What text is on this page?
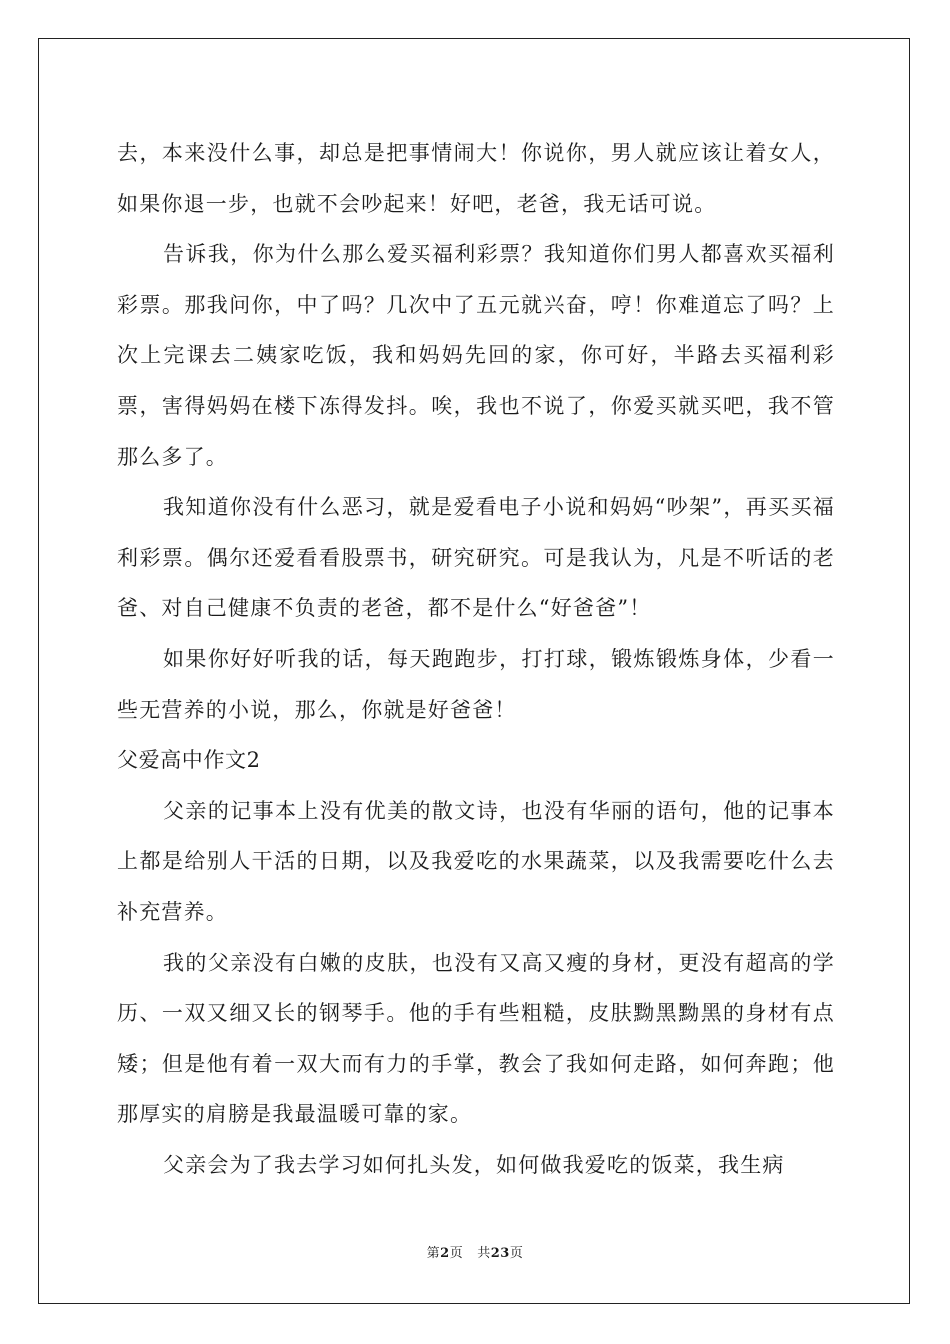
去，本来没什么事，却总是把事情闹大！你说你，男人就应该让着女人，如果你退一步，也就不会吵起来！好吧，老爸，我无话可说。

告诉我，你为什么那么爱买福利彩票？我知道你们男人都喜欢买福利彩票。那我问你，中了吗？几次中了五元就兴奋，哼！你难道忘了吗？上次上完课去二姨家吃饭，我和妈妈先回的家，你可好，半路去买福利彩票，害得妈妈在楼下冻得发抖。唉，我也不说了，你爱买就买吧，我不管那么多了。

我知道你没有什么恶习，就是爱看电子小说和妈妈“吵架”，再买买福利彩票。偶尔还爱看看股票书，研究研究。可是我认为，凡是不听话的老爸、对自己健康不负责的老爸，都不是什么“好爸爸”！

如果你好好听我的话，每天跑跑步，打打球，锻炼锻炼身体，少看一些无营养的小说，那么，你就是好爸爸！

父爱高中作文2

父亲的记事本上没有优美的散文诗，也没有华丽的语句，他的记事本上都是给别人干活的日期，以及我爱吃的水果蔬菜，以及我需要吃什么去补充营养。

我的父亲没有白嫩的皮肤，也没有又高又瘦的身材，更没有超高的学历、一双又细又长的钢琴手。他的手有些粗糙，皮肤黝黑黝黑的身材有点矮；但是他有着一双大而有力的手掌，教会了我如何走路，如何奔跑；他那厚实的肩膀是我最温暖可靠的家。

父亲会为了我去学习如何扎头发，如何做我爱吃的饭菜，我生病

第2页 共23页
